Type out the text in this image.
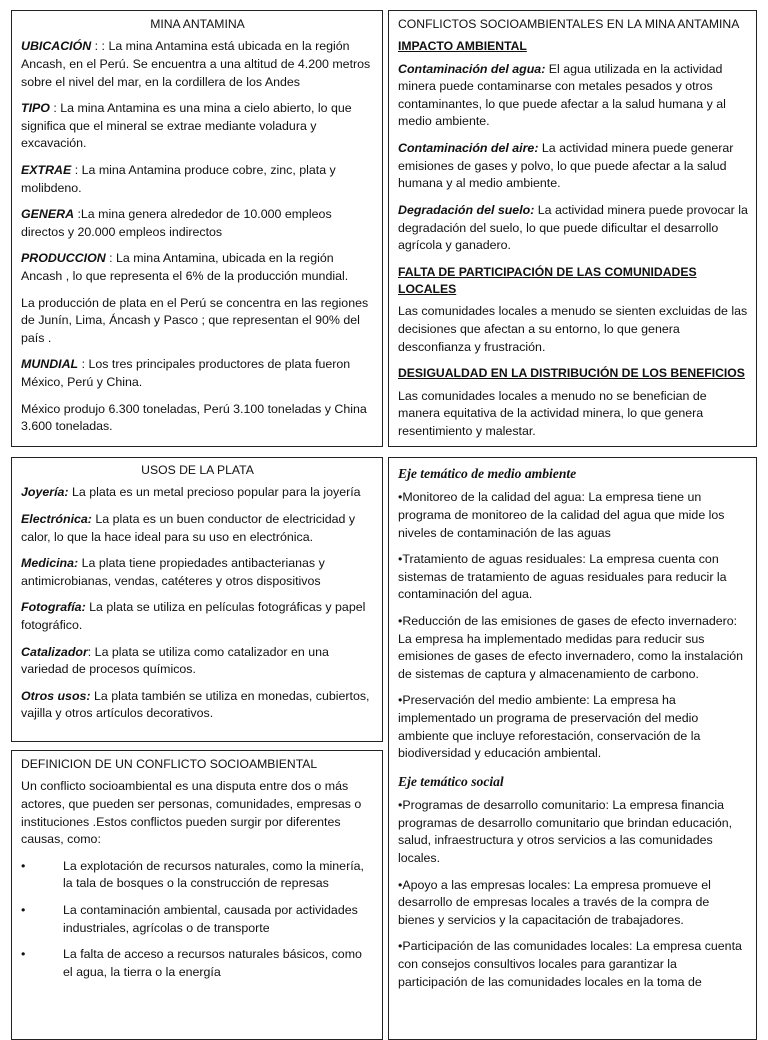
MINA ANTAMINA

UBICACIÓN : : La mina Antamina está ubicada en la región Ancash, en el Perú. Se encuentra a una altitud de 4.200 metros sobre el nivel del mar, en la cordillera de los Andes

TIPO : La mina Antamina es una mina a cielo abierto, lo que significa que el mineral se extrae mediante voladura y excavación.

EXTRAE : La mina Antamina produce cobre, zinc, plata y molibdeno.

GENERA :La mina genera alrededor de 10.000 empleos directos y 20.000 empleos indirectos

PRODUCCION : La mina Antamina, ubicada en la región Ancash , lo que representa el 6% de la producción mundial.

La producción de plata en el Perú se concentra en las regiones de Junín, Lima, Áncash y Pasco ; que representan el 90% del país .

MUNDIAL : Los tres principales productores de plata fueron México, Perú y China.

México produjo 6.300 toneladas, Perú 3.100 toneladas y China 3.600 toneladas.

CONFLICTOS SOCIOAMBIENTALES EN LA MINA ANTAMINA
IMPACTO AMBIENTAL

Contaminación del agua: El agua utilizada en la actividad minera puede contaminarse con metales pesados y otros contaminantes, lo que puede afectar a la salud humana y al medio ambiente.

Contaminación del aire: La actividad minera puede generar emisiones de gases y polvo, lo que puede afectar a la salud humana y al medio ambiente.

Degradación del suelo: La actividad minera puede provocar la degradación del suelo, lo que puede dificultar el desarrollo agrícola y ganadero.

FALTA DE PARTICIPACIÓN DE LAS COMUNIDADES LOCALES

Las comunidades locales a menudo se sienten excluidas de las decisiones que afectan a su entorno, lo que genera desconfianza y frustración.

DESIGUALDAD EN LA DISTRIBUCIÓN DE LOS BENEFICIOS

Las comunidades locales a menudo no se benefician de manera equitativa de la actividad minera, lo que genera resentimiento y malestar.

USOS DE LA PLATA

Joyería: La plata es un metal precioso popular para la joyería

Electrónica: La plata es un buen conductor de electricidad y calor, lo que la hace ideal para su uso en electrónica.

Medicina: La plata tiene propiedades antibacterianas y antimicrobianas, vendas, catéteres y otros dispositivos

Fotografía: La plata se utiliza en películas fotográficas y papel fotográfico.

Catalizador: La plata se utiliza como catalizador en una variedad de procesos químicos.

Otros usos: La plata también se utiliza en monedas, cubiertos, vajilla y otros artículos decorativos.

DEFINICION DE UN CONFLICTO SOCIOAMBIENTAL

Un conflicto socioambiental es una disputa entre dos o más actores, que pueden ser personas, comunidades, empresas o instituciones .Estos conflictos pueden surgir por diferentes causas, como:

•	La explotación de recursos naturales, como la minería, la tala de bosques o la construcción de represas
•	La contaminación ambiental, causada por actividades industriales, agrícolas o de transporte
•	La falta de acceso a recursos naturales básicos, como el agua, la tierra o la energía
Eje temático de medio ambiente

•Monitoreo de la calidad del agua: La empresa tiene un programa de monitoreo de la calidad del agua que mide los niveles de contaminación de las aguas

•Tratamiento de aguas residuales: La empresa cuenta con sistemas de tratamiento de aguas residuales para reducir la contaminación del agua.

•Reducción de las emisiones de gases de efecto invernadero: La empresa ha implementado medidas para reducir sus emisiones de gases de efecto invernadero, como la instalación de sistemas de captura y almacenamiento de carbono.

•Preservación del medio ambiente: La empresa ha implementado un programa de preservación del medio ambiente que incluye reforestación, conservación de la biodiversidad y educación ambiental.

Eje temático social

•Programas de desarrollo comunitario: La empresa financia programas de desarrollo comunitario que brindan educación, salud, infraestructura y otros servicios a las comunidades locales.

•Apoyo a las empresas locales: La empresa promueve el desarrollo de empresas locales a través de la compra de bienes y servicios y la capacitación de trabajadores.

•Participación de las comunidades locales: La empresa cuenta con consejos consultivos locales para garantizar la participación de las comunidades locales en la toma de
